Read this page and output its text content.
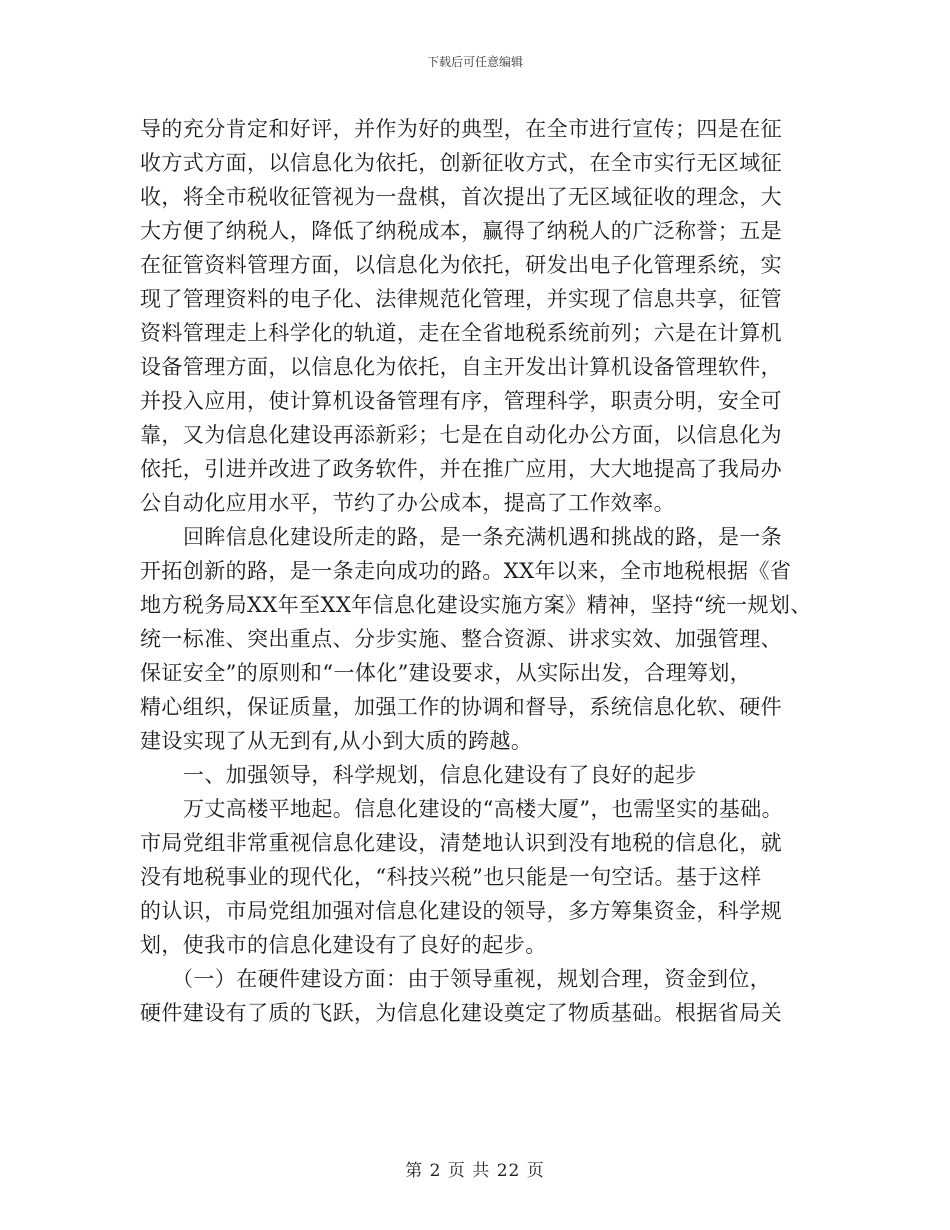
下载后可任意编辑
导的充分肯定和好评，并作为好的典型，在全市进行宣传；四是在征
收方式方面，以信息化为依托，创新征收方式，在全市实行无区域征
收，将全市税收征管视为一盘棋，首次提出了无区域征收的理念，大
大方便了纳税人，降低了纳税成本，赢得了纳税人的广泛称誉；五是
在征管资料管理方面，以信息化为依托，研发出电子化管理系统，实
现了管理资料的电子化、法律规范化管理，并实现了信息共享，征管
资料管理走上科学化的轨道，走在全省地税系统前列；六是在计算机
设备管理方面，以信息化为依托，自主开发出计算机设备管理软件，
并投入应用，使计算机设备管理有序，管理科学，职责分明，安全可
靠，又为信息化建设再添新彩；七是在自动化办公方面，以信息化为
依托，引进并改进了政务软件，并在推广应用，大大地提高了我局办
公自动化应用水平，节约了办公成本，提高了工作效率。
回眸信息化建设所走的路，是一条充满机遇和挑战的路，是一条
开拓创新的路，是一条走向成功的路。XX年以来，全市地税根据《省
地方税务局XX年至XX年信息化建设实施方案》精神，坚持“统一规划、
统一标准、突出重点、分步实施、整合资源、讲求实效、加强管理、
保证安全”的原则和“一体化”建设要求，从实际出发，合理筹划，
精心组织，保证质量，加强工作的协调和督导，系统信息化软、硬件
建设实现了从无到有,从小到大质的跨越。
一、加强领导，科学规划，信息化建设有了良好的起步
万丈高楼平地起。信息化建设的“高楼大厦”，也需坚实的基础。
市局党组非常重视信息化建设，清楚地认识到没有地税的信息化，就
没有地税事业的现代化，“科技兴税”也只能是一句空话。基于这样
的认识，市局党组加强对信息化建设的领导，多方筹集资金，科学规
划，使我市的信息化建设有了良好的起步。
（一）在硬件建设方面：由于领导重视，规划合理，资金到位，
硬件建设有了质的飞跃，为信息化建设奠定了物质基础。根据省局关
第 2 页 共 22 页
